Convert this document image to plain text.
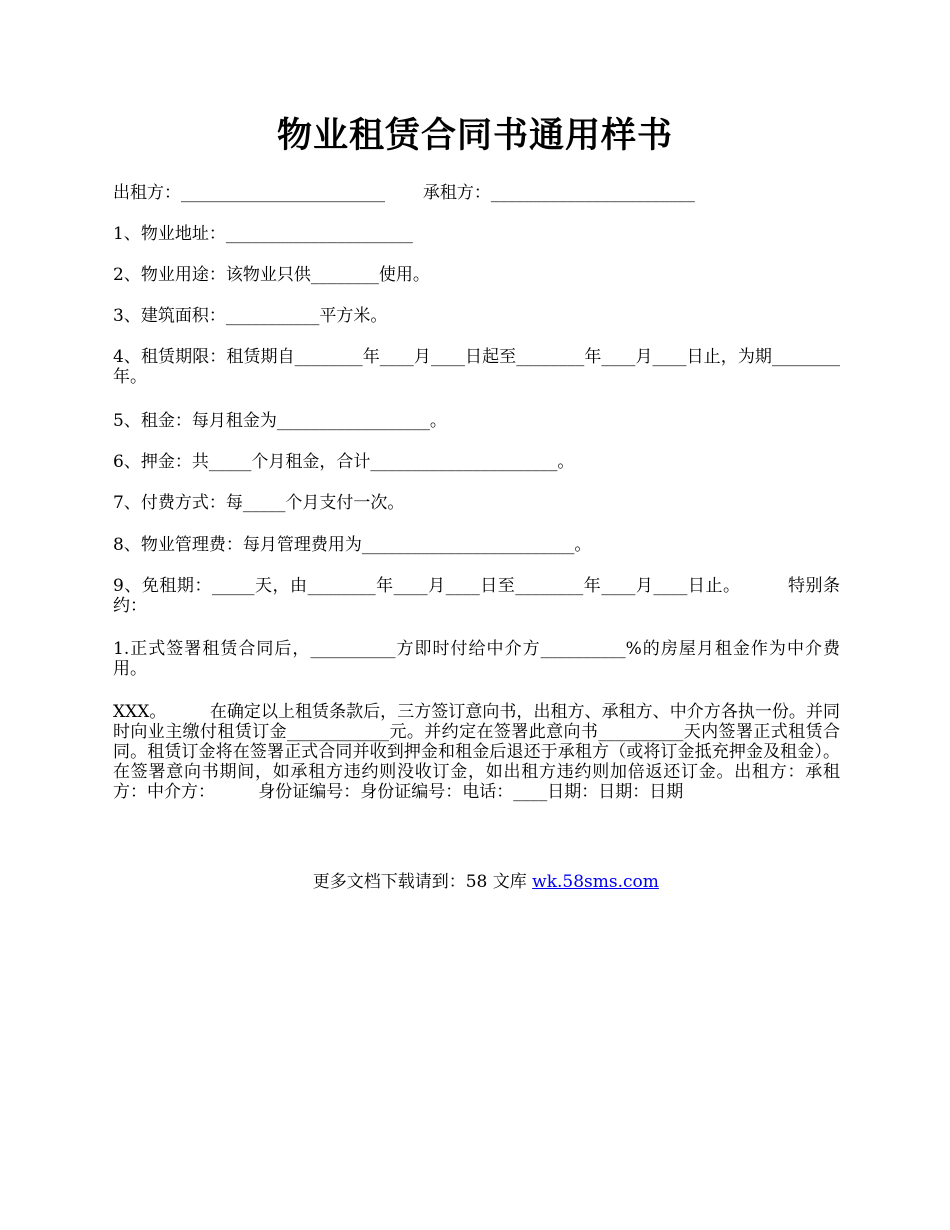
物业租赁合同书通用样书
出租方：________________________       承租方：________________________
1、物业地址：______________________
2、物业用途：该物业只供________使用。
3、建筑面积：___________平方米。
4、租赁期限：租赁期自________年____月____日起至________年____月____日止，为期________年。
5、租金：每月租金为__________________。
6、押金：共_____个月租金，合计______________________。
7、付费方式：每_____个月支付一次。
8、物业管理费：每月管理费用为_________________________。
9、免租期：_____天，由________年____月____日至________年____月____日止。        特别条约：
1.正式签署租赁合同后，__________方即时付给中介方__________%的房屋月租金作为中介费用。
XXX。        在确定以上租赁条款后，三方签订意向书，出租方、承租方、中介方各执一份。并同时向业主缴付租赁订金____________元。并约定在签署此意向书__________天内签署正式租赁合同。租赁订金将在签署正式合同并收到押金和租金后退还于承租方（或将订金抵充押金及租金）。在签署意向书期间，如承租方违约则没收订金，如出租方违约则加倍返还订金。出租方：承租方：中介方：        身份证编号：身份证编号：电话：____日期：日期：日期

更多文档下载请到：58 文库 wk.58sms.com
